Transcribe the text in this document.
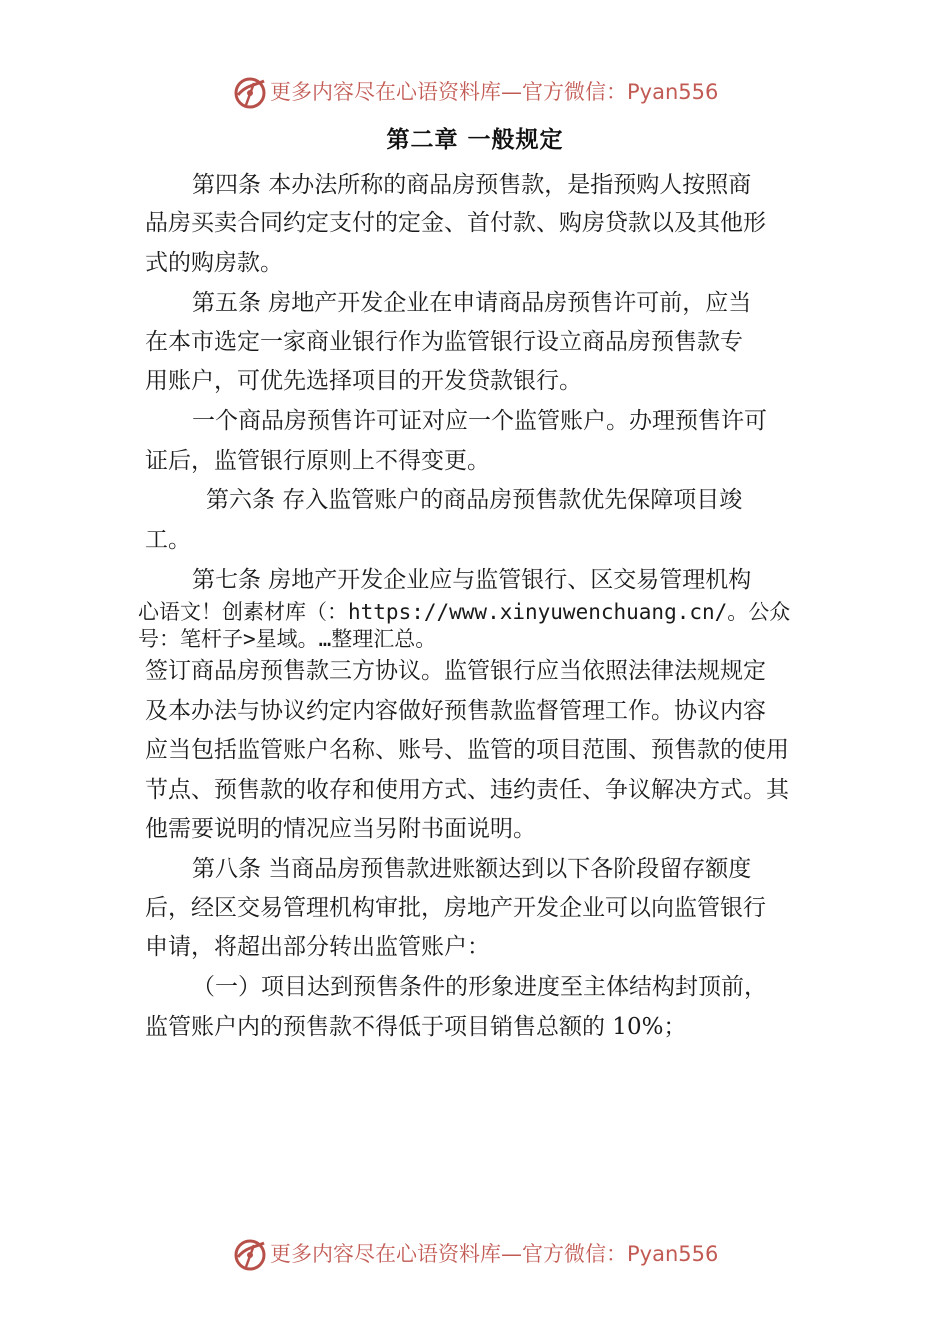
更多内容尽在心语资料库—官方微信：Pyan556
第二章 一般规定
第四条 本办法所称的商品房预售款，是指预购人按照商
品房买卖合同约定支付的定金、首付款、购房贷款以及其他形
式的购房款。
第五条 房地产开发企业在申请商品房预售许可前，应当
在本市选定一家商业银行作为监管银行设立商品房预售款专
用账户，可优先选择项目的开发贷款银行。
一个商品房预售许可证对应一个监管账户。办理预售许可
证后，监管银行原则上不得变更。
第六条 存入监管账户的商品房预售款优先保障项目竣
工。
第七条 房地产开发企业应与监管银行、区交易管理机构
心语文！创素材库（：https://www.xinyuwenchuang.cn/。公众
号：笔杆子>星域。…整理汇总。
签订商品房预售款三方协议。监管银行应当依照法律法规规定
及本办法与协议约定内容做好预售款监督管理工作。协议内容
应当包括监管账户名称、账号、监管的项目范围、预售款的使用
节点、预售款的收存和使用方式、违约责任、争议解决方式。其
他需要说明的情况应当另附书面说明。
第八条 当商品房预售款进账额达到以下各阶段留存额度
后，经区交易管理机构审批，房地产开发企业可以向监管银行
申请，将超出部分转出监管账户：
（一）项目达到预售条件的形象进度至主体结构封顶前，
监管账户内的预售款不得低于项目销售总额的 10%；
更多内容尽在心语资料库—官方微信：Pyan556
